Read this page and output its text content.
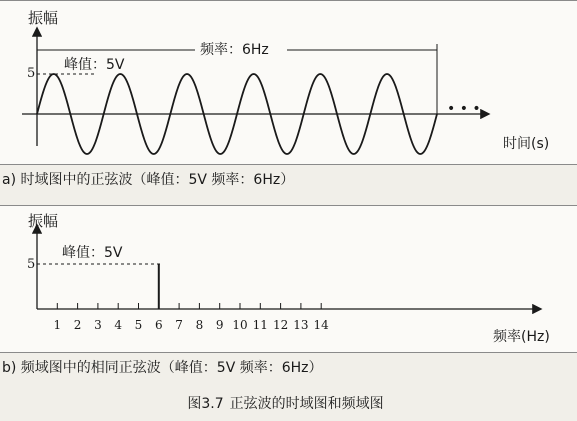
振幅
时间(s)
5
频率：6Hz
峰值：5V
• • •
a) 时域图中的正弦波（峰值：5V 频率：6Hz）
振幅
频率(Hz)
5
峰值：5V
1 2 3 4 5 6 7 8 9 10 11 12 13 14
b) 频域图中的相同正弦波（峰值：5V 频率：6Hz）
图3.7 正弦波的时域图和频域图
